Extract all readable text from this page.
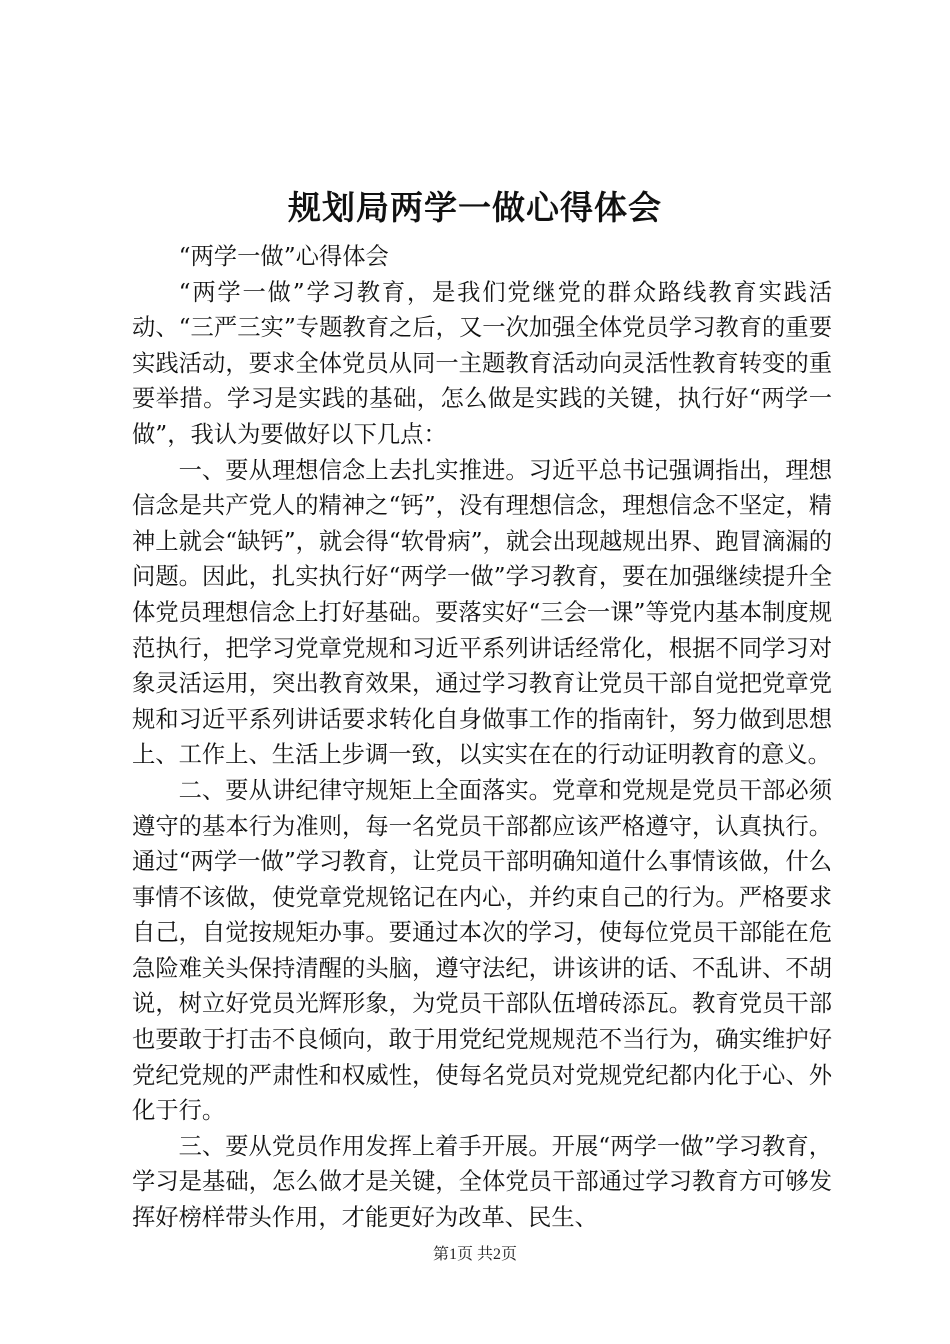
规划局两学一做心得体会

“两学一做”心得体会

“两学一做”学习教育，是我们党继党的群众路线教育实践活动、“三严三实”专题教育之后，又一次加强全体党员学习教育的重要实践活动，要求全体党员从同一主题教育活动向灵活性教育转变的重要举措。学习是实践的基础，怎么做是实践的关键，执行好“两学一做”，我认为要做好以下几点：

一、要从理想信念上去扎实推进。习近平总书记强调指出，理想信念是共产党人的精神之“钙”，没有理想信念，理想信念不坚定，精神上就会“缺钙”，就会得“软骨病”，就会出现越规出界、跑冒滴漏的问题。因此，扎实执行好“两学一做”学习教育，要在加强继续提升全体党员理想信念上打好基础。要落实好“三会一课”等党内基本制度规范执行，把学习党章党规和习近平系列讲话经常化，根据不同学习对象灵活运用，突出教育效果，通过学习教育让党员干部自觉把党章党规和习近平系列讲话要求转化自身做事工作的指南针，努力做到思想上、工作上、生活上步调一致，以实实在在的行动证明教育的意义。

二、要从讲纪律守规矩上全面落实。党章和党规是党员干部必须遵守的基本行为准则，每一名党员干部都应该严格遵守，认真执行。通过“两学一做”学习教育，让党员干部明确知道什么事情该做，什么事情不该做，使党章党规铭记在内心，并约束自己的行为。严格要求自己，自觉按规矩办事。要通过本次的学习，使每位党员干部能在危急险难关头保持清醒的头脑，遵守法纪，讲该讲的话、不乱讲、不胡说，树立好党员光辉形象，为党员干部队伍增砖添瓦。教育党员干部也要敢于打击不良倾向，敢于用党纪党规规范不当行为，确实维护好党纪党规的严肃性和权威性，使每名党员对党规党纪都内化于心、外化于行。

三、要从党员作用发挥上着手开展。开展“两学一做”学习教育，学习是基础，怎么做才是关键，全体党员干部通过学习教育方可够发挥好榜样带头作用，才能更好为改革、民生、

第1页 共2页
